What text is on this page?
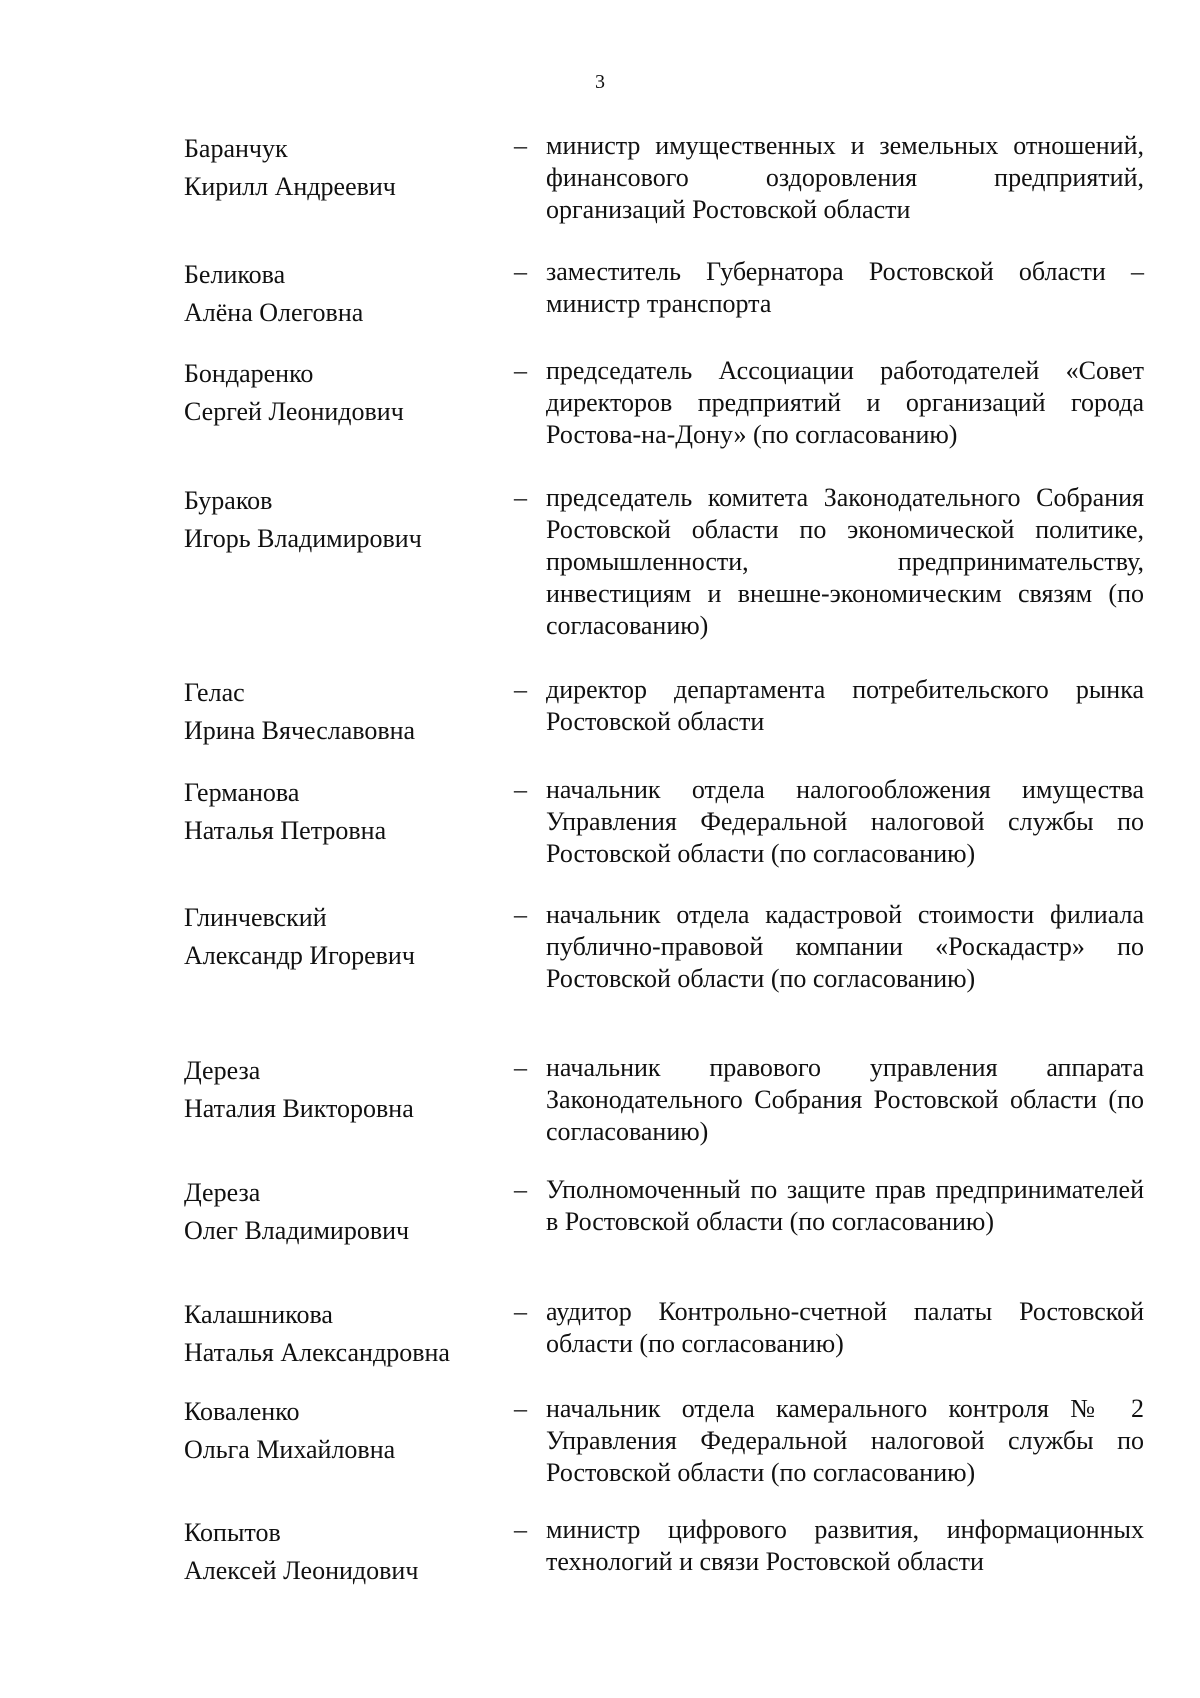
3
Баранчук
Кирилл Андреевич
– министр имущественных и земельных отношений, финансового оздоровления предприятий, организаций Ростовской области
Беликова
Алёна Олеговна
– заместитель Губернатора Ростовской области – министр транспорта
Бондаренко
Сергей Леонидович
– председатель Ассоциации работодателей «Совет директоров предприятий и организаций города Ростова-на-Дону» (по согласованию)
Бураков
Игорь Владимирович
– председатель комитета Законодательного Собрания Ростовской области по экономической политике, промышленности, предпринимательству, инвестициям и внешне-экономическим связям (по согласованию)
Гелас
Ирина Вячеславовна
– директор департамента потребительского рынка Ростовской области
Германова
Наталья Петровна
– начальник отдела налогообложения имущества Управления Федеральной налоговой службы по Ростовской области (по согласованию)
Глинчевский
Александр Игоревич
– начальник отдела кадастровой стоимости филиала публично-правовой компании «Роскадастр» по Ростовской области (по согласованию)
Дереза
Наталия Викторовна
– начальник правового управления аппарата Законодательного Собрания Ростовской области (по согласованию)
Дереза
Олег Владимирович
– Уполномоченный по защите прав предпринимателей в Ростовской области (по согласованию)
Калашникова
Наталья Александровна
– аудитор Контрольно-счетной палаты Ростовской области (по согласованию)
Коваленко
Ольга Михайловна
– начальник отдела камерального контроля № 2 Управления Федеральной налоговой службы по Ростовской области (по согласованию)
Копытов
Алексей Леонидович
– министр цифрового развития, информационных технологий и связи Ростовской области
